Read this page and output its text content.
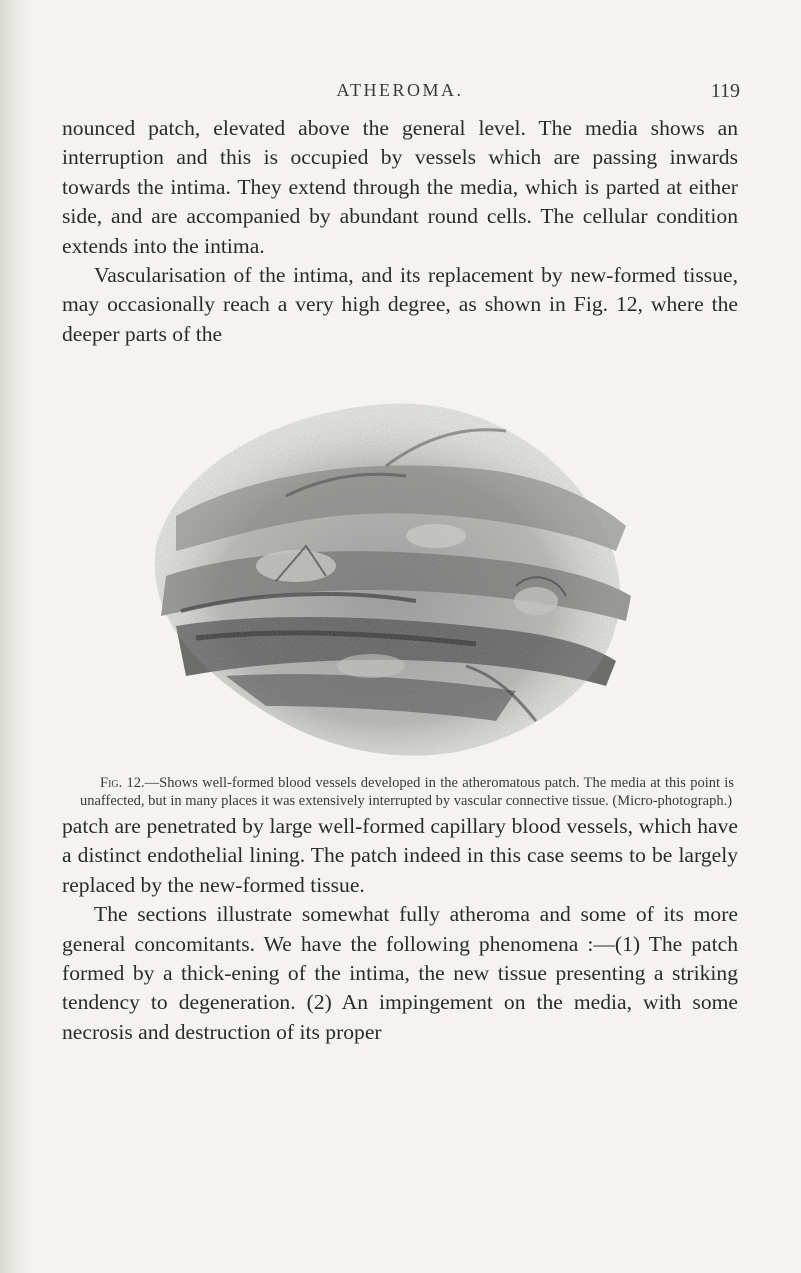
ATHEROMA.	119

nounced patch, elevated above the general level. The media shows an interruption and this is occupied by vessels which are passing inwards towards the intima. They extend through the media, which is parted at either side, and are accompanied by abundant round cells. The cellular condition extends into the intima.

Vascularisation of the intima, and its replacement by new-formed tissue, may occasionally reach a very high degree, as shown in Fig. 12, where the deeper parts of the

Fig. 12.—Shows well-formed blood vessels developed in the atheromatous patch. The media at this point is unaffected, but in many places it was extensively interrupted by vascular connective tissue. (Micro-photograph.)

patch are penetrated by large well-formed capillary blood vessels, which have a distinct endothelial lining. The patch indeed in this case seems to be largely replaced by the new-formed tissue.

The sections illustrate somewhat fully atheroma and some of its more general concomitants. We have the following phenomena :—(1) The patch formed by a thick-ening of the intima, the new tissue presenting a striking tendency to degeneration. (2) An impingement on the media, with some necrosis and destruction of its proper
